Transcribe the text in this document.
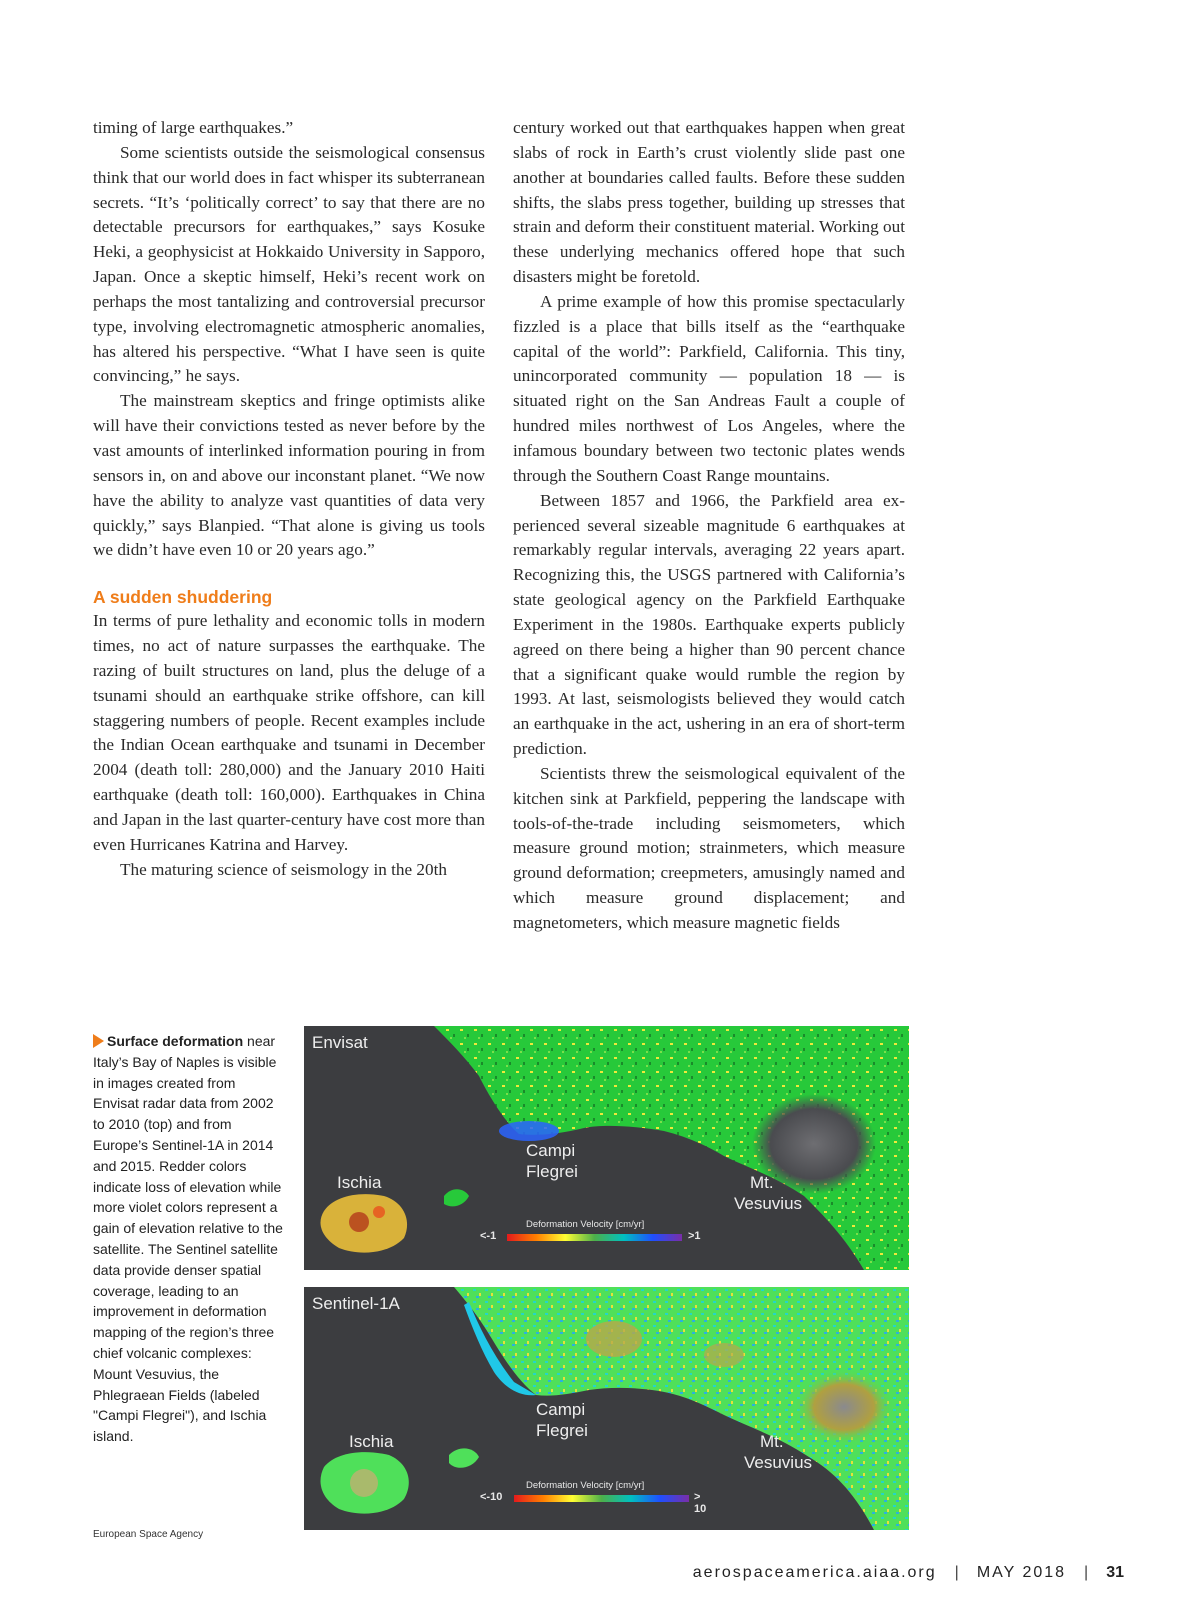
timing of large earthquakes.”

Some scientists outside the seismological consensus think that our world does in fact whisper its subterranean secrets. “It’s ‘politically correct’ to say that there are no detectable precursors for earthquakes,” says Kosuke Heki, a geophysicist at Hokkaido University in Sapporo, Japan. Once a skeptic himself, Heki’s recent work on perhaps the most tantalizing and controversial precursor type, involving electromagnetic atmospheric anomalies, has altered his perspective. “What I have seen is quite convincing,” he says.

The mainstream skeptics and fringe optimists alike will have their convictions tested as never before by the vast amounts of interlinked information pouring in from sensors in, on and above our inconstant planet. “We now have the ability to analyze vast quantities of data very quickly,” says Blanpied. “That alone is giving us tools we didn’t have even 10 or 20 years ago.”

A sudden shuddering

In terms of pure lethality and economic tolls in modern times, no act of nature surpasses the earthquake. The razing of built structures on land, plus the deluge of a tsunami should an earthquake strike offshore, can kill staggering numbers of people. Recent examples include the Indian Ocean earthquake and tsunami in December 2004 (death toll: 280,000) and the January 2010 Haiti earthquake (death toll: 160,000). Earthquakes in China and Japan in the last quarter-century have cost more than even Hurricanes Katrina and Harvey.

The maturing science of seismology in the 20th

century worked out that earthquakes happen when great slabs of rock in Earth’s crust violently slide past one another at boundaries called faults. Before these sudden shifts, the slabs press together, building up stresses that strain and deform their constituent material. Working out these underlying mechanics offered hope that such disasters might be foretold.

A prime example of how this promise spectacularly fizzled is a place that bills itself as the “earthquake capital of the world”: Parkfield, California. This tiny, unincorporated community — population 18 — is situated right on the San Andreas Fault a couple of hundred miles northwest of Los Angeles, where the infamous boundary between two tectonic plates wends through the Southern Coast Range mountains.

Between 1857 and 1966, the Parkfield area experienced several sizeable magnitude 6 earthquakes at remarkably regular intervals, averaging 22 years apart. Recognizing this, the USGS partnered with California’s state geological agency on the Parkfield Earthquake Experiment in the 1980s. Earthquake experts publicly agreed on there being a higher than 90 percent chance that a significant quake would rumble the region by 1993. At last, seismologists believed they would catch an earthquake in the act, ushering in an era of short-term prediction.

Scientists threw the seismological equivalent of the kitchen sink at Parkfield, peppering the landscape with tools-of-the-trade including seismometers, which measure ground motion; strainmeters, which measure ground deformation; creepmeters, amusingly named and which measure ground displacement; and magnetometers, which measure magnetic fields

Surface deformation near Italy’s Bay of Naples is visible in images created from Envisat radar data from 2002 to 2010 (top) and from Europe’s Sentinel-1A in 2014 and 2015. Redder colors indicate loss of elevation while more violet colors represent a gain of elevation relative to the satellite. The Sentinel satellite data provide denser spatial coverage, leading to an improvement in deformation mapping of the region’s three chief volcanic complexes: Mount Vesuvius, the Phlegraean Fields (labeled "Campi Flegrei"), and Ischia island.
European Space Agency
Envisat
Campi
Flegrei
Ischia	Mt.
Vesuvius
Deformation Velocity [cm/yr]
<-1	>1
Sentinel-1A
Campi
Flegrei
Ischia	Mt.
Vesuvius
Deformation Velocity [cm/yr]
<-10	> 10
aerospaceamerica.aiaa.org | MAY 2018 | 31
